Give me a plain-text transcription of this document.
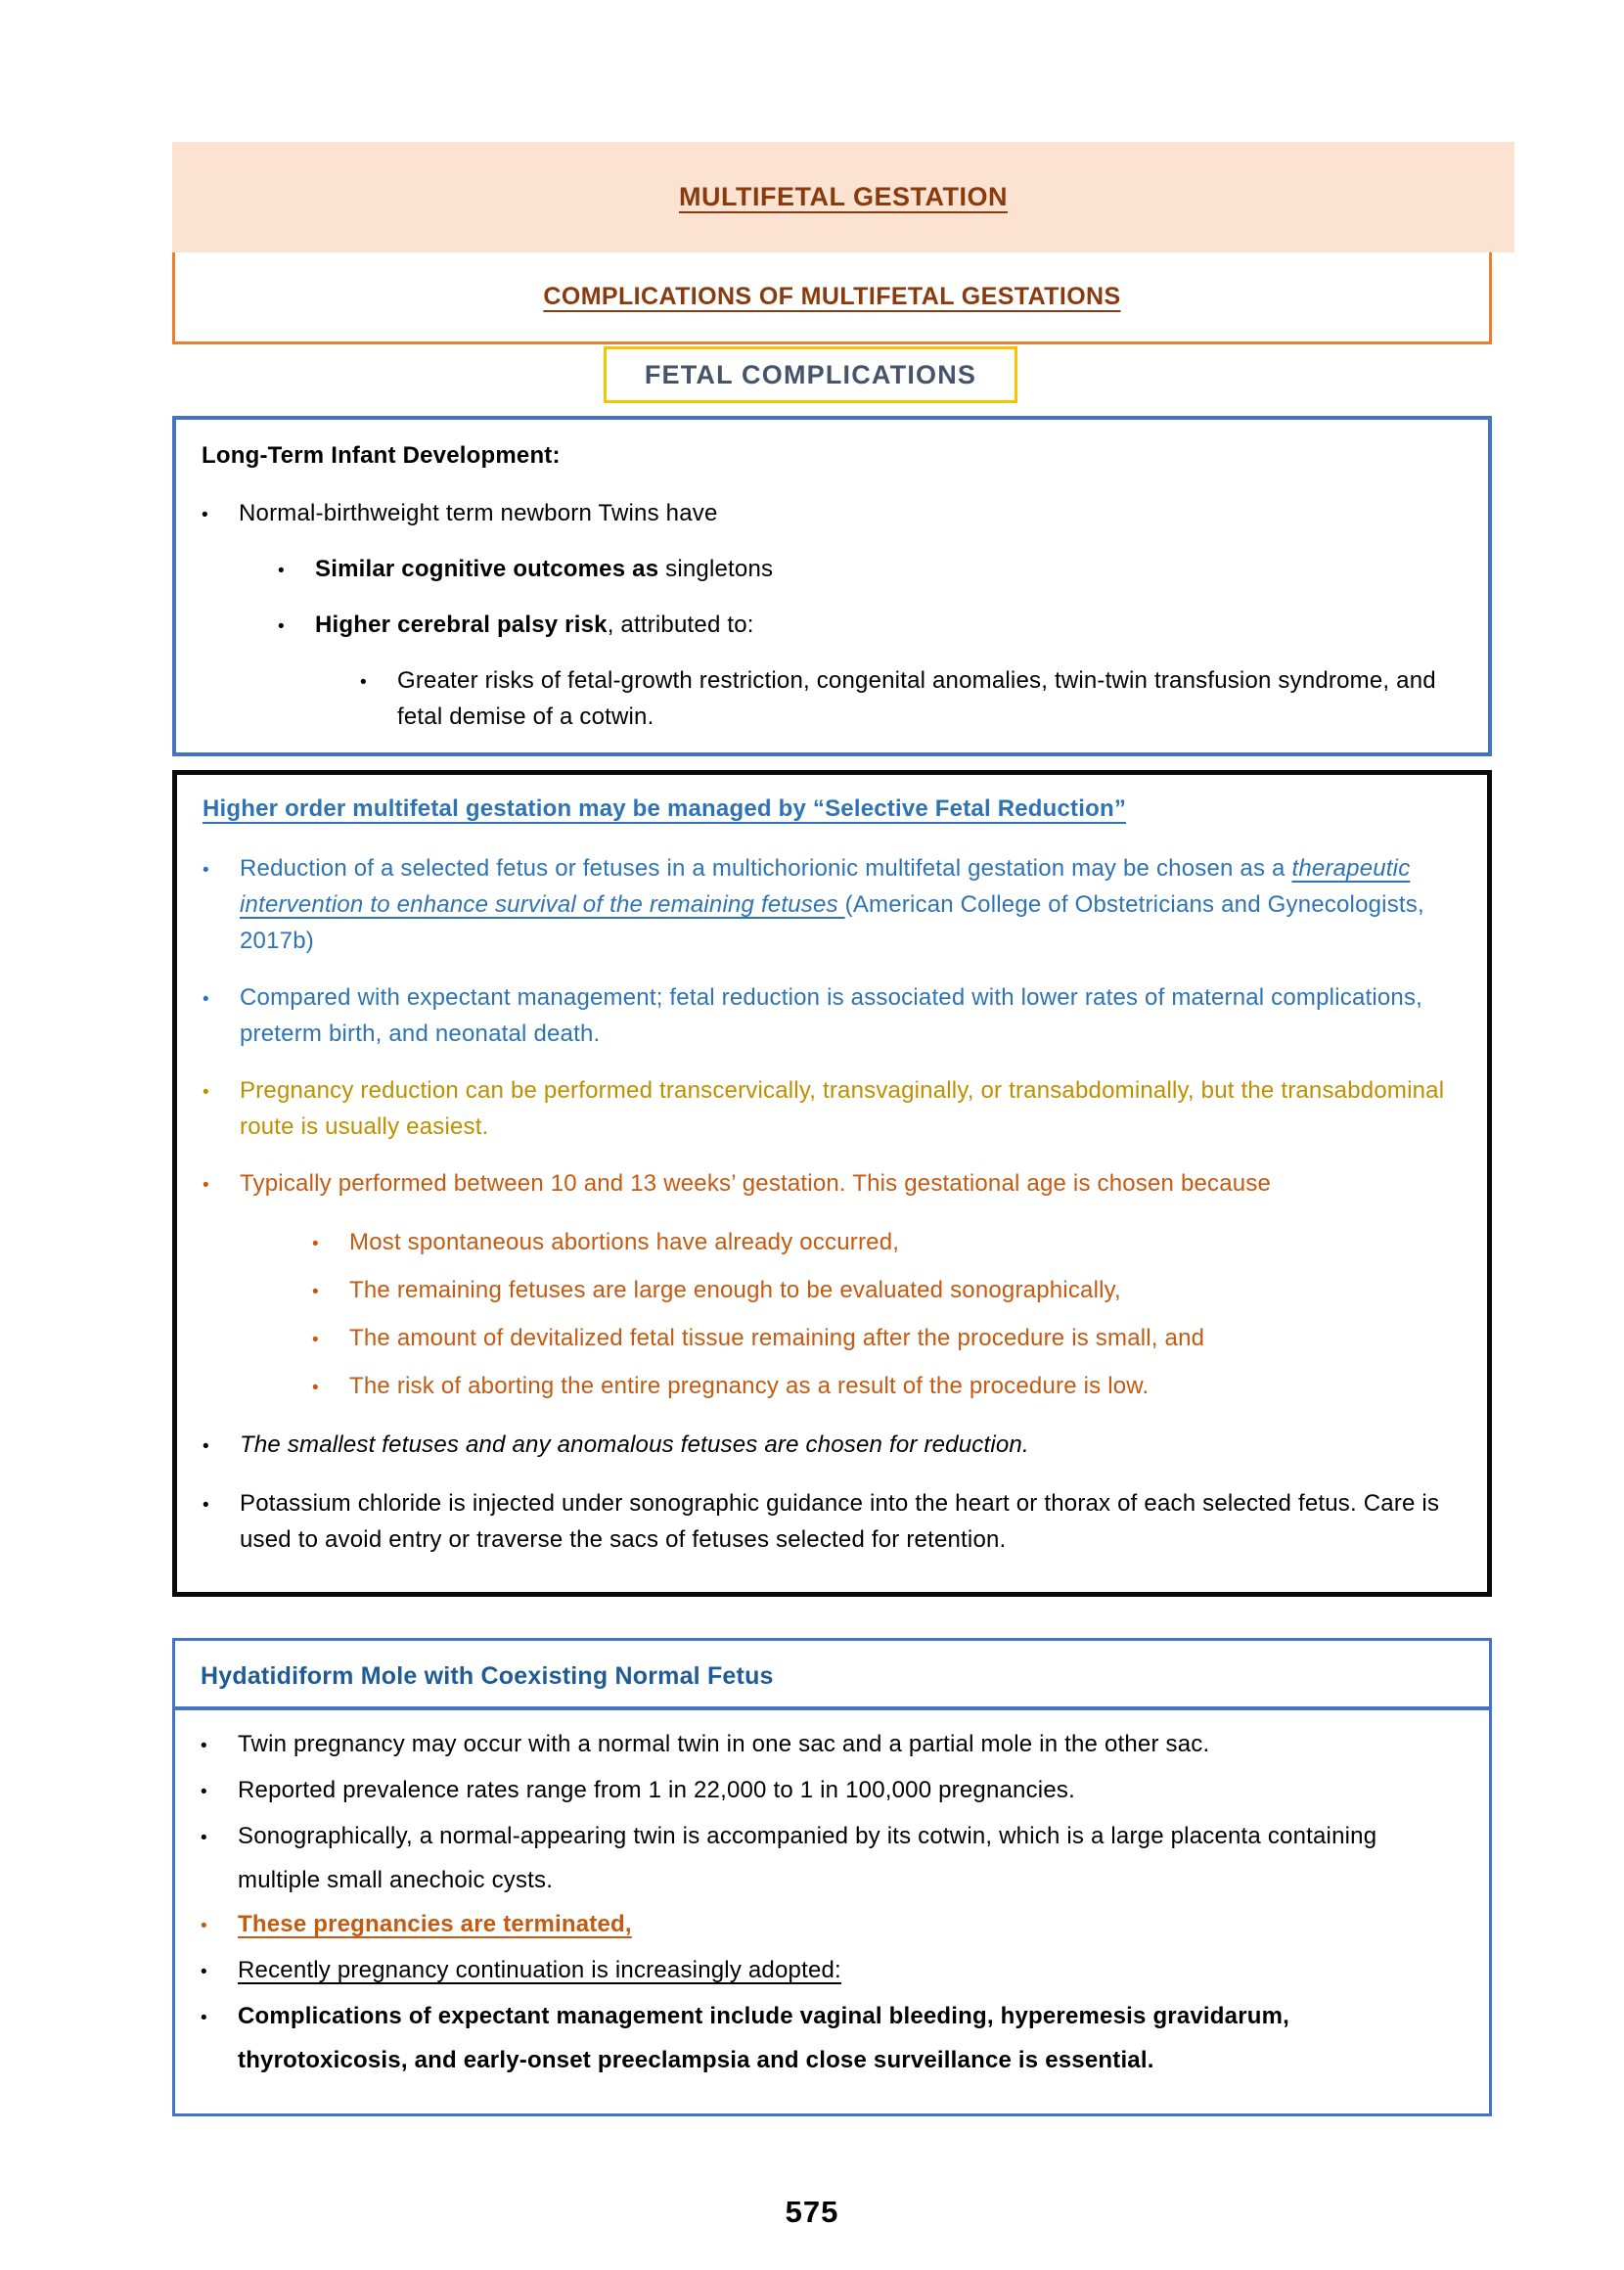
MULTIFETAL GESTATION
COMPLICATIONS OF MULTIFETAL GESTATIONS
FETAL COMPLICATIONS
Long-Term Infant Development:
•	Normal-birthweight term newborn Twins have
•	Similar cognitive outcomes as singletons
•	Higher cerebral palsy risk, attributed to:
•	Greater risks of fetal-growth restriction, congenital anomalies, twin-twin transfusion syndrome, and fetal demise of a cotwin.
Higher order multifetal gestation may be managed by “Selective Fetal Reduction”
•	Reduction of a selected fetus or fetuses in a multichorionic multifetal gestation may be chosen as a therapeutic intervention to enhance survival of the remaining fetuses (American College of Obstetricians and Gynecologists, 2017b)
•	Compared with expectant management; fetal reduction is associated with lower rates of maternal complications, preterm birth, and neonatal death.
•	Pregnancy reduction can be performed transcervically, transvaginally, or transabdominally, but the transabdominal route is usually easiest.
•	Typically performed between 10 and 13 weeks’ gestation. This gestational age is chosen because
•	Most spontaneous abortions have already occurred,
•	The remaining fetuses are large enough to be evaluated sonographically,
•	The amount of devitalized fetal tissue remaining after the procedure is small, and
•	The risk of aborting the entire pregnancy as a result of the procedure is low.
•	The smallest fetuses and any anomalous fetuses are chosen for reduction.
•	Potassium chloride is injected under sonographic guidance into the heart or thorax of each selected fetus. Care is used to avoid entry or traverse the sacs of fetuses selected for retention.
Hydatidiform Mole with Coexisting Normal Fetus
•	Twin pregnancy may occur with a normal twin in one sac and a partial mole in the other sac.
•	Reported prevalence rates range from 1 in 22,000 to 1 in 100,000 pregnancies.
•	Sonographically, a normal-appearing twin is accompanied by its cotwin, which is a large placenta containing multiple small anechoic cysts.
•	These pregnancies are terminated,
•	Recently pregnancy continuation is increasingly adopted:
•	Complications of expectant management include vaginal bleeding, hyperemesis gravidarum, thyrotoxicosis, and early-onset preeclampsia and close surveillance is essential.
575
